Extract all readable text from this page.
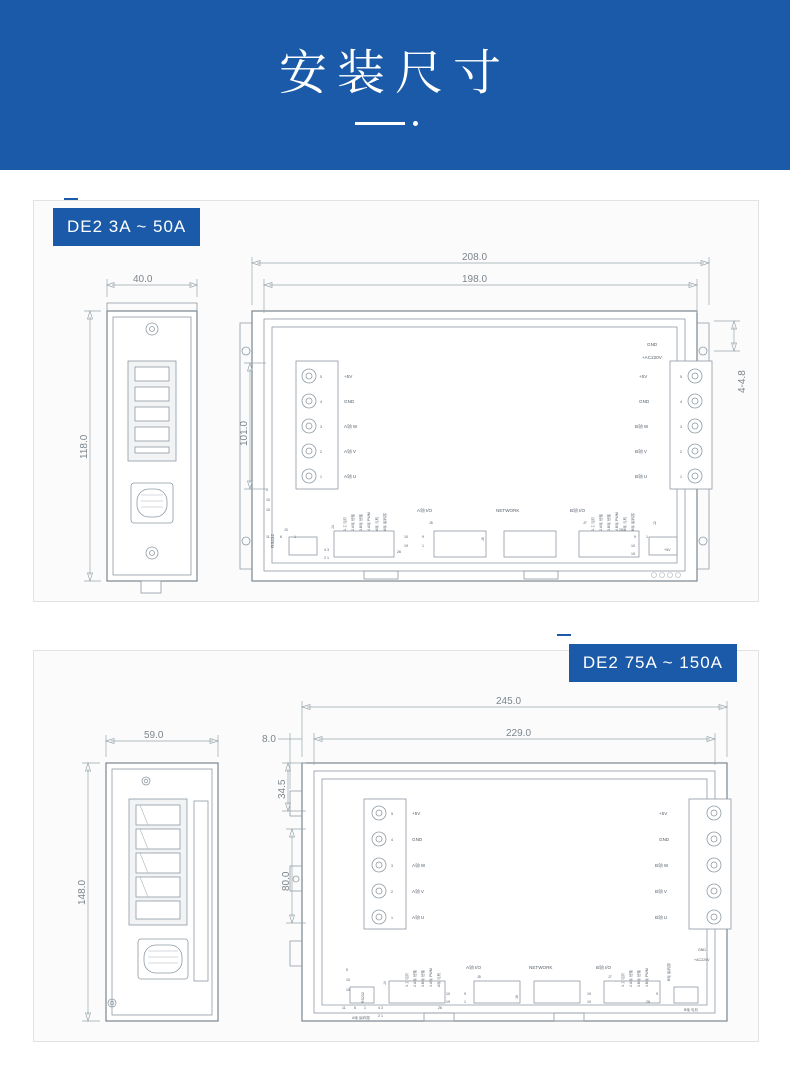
安装尺寸
40.0
118.0
5
4
3
2
1
+5V
GND
A轴 W
A轴 V
A轴 U
5
4
3
2
1
+5V
GND
B轴 W
B轴 V
B轴 U
GND
+AC220V
RS232
J3
15
10
5
11	6	1
A轴 I/O
J5
9
1
10
19
26
NETWORK
J6
B轴 I/O
J7
9	1
10
19
26
A轴 编码器
A轴 电机
4.A轴 PWM
3.B轴 使能
2.A轴 使能
1.主电源
J4
4 3
2 1
1.主电源 2.A轴 使能 3.B轴 使能 4.B轴 PWM B轴 电机 B轴 编码器	J2
+5V
208.0
198.0
101.0
4-4.8
DE2 3A ~ 50A
59.0
148.0
5
4
3
2
1
+5V
GND
A轴 W
A轴 V
A轴 U
+5V
GND
B轴 W
B轴 V
B轴 U
GND
+AC220V
RS232
15
10
5
11 6 1
A轴 编码器
A轴 I/O
J5
9
1
10
19
26
NETWORK
J6
B轴 I/O
J7
19
10
9
26
A轴 电机
4.A轴 PWM
3.B轴 使能
2.A轴 使能
1.主电源
J4
4 3
2 1
1.主电源 2.A轴 使能 3.B轴 使能 4.B轴 PWM	B轴 编码器
B轴 电机
245.0
229.0
8.0
34.5
80.0
DE2 75A ~ 150A
